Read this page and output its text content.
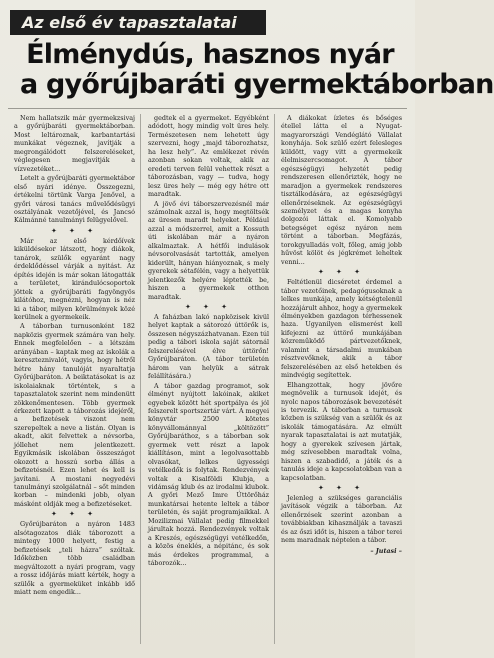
Az első év tapasztalatai
Élménydús, hasznos nyár
a győrújbaráti gyermektáborban

Nem hallatszik már gyermekzsivaj a győrújbaráti gyermektáborban. Most leltároznak, karbantartási munkákat végeznek, javítják a megrongálódott felszereléseket, véglegesen megjavítják a vízvezetéket...

Letelt a győrújbaráti gyermektábor első nyári idénye. Összegezni, értékelni törtünk Varga Jenővel, a győri városi tanács művelődésügyi osztályának vezetőjével, és Jancsó Kálmánné tanulmányi felügyelővel.

✦ ✦ ✦

Már az első kérdőívek kiküldésekor látszott, hogy diákok, tanárok, szülők egyaránt nagy érdeklődéssel várják a nyitást. Az építés idején is már sokan látogatták a területet, kirándulócsoportok jöttek a győrújbaráti fagyöngyös kilátóhoz, megnézni, hogyan is néz ki a tábor, milyen körülmények közé kerülnek a gyermekeik.

A táborban turnusonként 182 napközis gyermek számára van hely. Ennek megfelelően – a létszám arányában – kaptak meg az iskolák a kereszteznivalót, vagyis, hogy hétről hétre hány tanulóját nyaraltatja Győrújbaráton. A beiktatásokat is az iskolaiaknak történtek, s a tapasztalatok szerint nem mindenütt zökkenőmentesen. Több gyermek érkezett kapott a táborozás idejéről, a befizetések viszont nem szerepeltek a neve a listán. Olyan is akadt, akit felvettek a névsorba, jóllehet nem jelentkezett. Egyikmásik iskolában összeszágot okozott a hosszú sorba állás a befizetésnél. Ezen lehet és kell is javítani. A mostani negyedévi tanulmányi szolgálatnál – sőt minden korban – mindenki jobb, olyan másként oldják meg a befizetéseket.

✦ ✦ ✦

Győrújbaráton a nyáron 1483 alsótagozatos diák táborozott a mintegy 1000 helyett, festig a befizetések „teli házra” szóltak. Időközben több családban megváltozott a nyári program, vagy a rossz időjárás miatt kérték, hogy a szülők a gyermeküket inkább idő miatt nem engedik...

gedtek el a gyermeket. Egyébként adódott, hogy mindig volt üres hely. Természetesen nem lehetett úgy szervezni, hogy „majd táborozhatsz, ha lesz hely”. Az emlékezet révén azonban sokan voltak, akik az eredeti terven felül vehettek részt a táborozásban, vagy — tudva, hogy lesz üres hely — még egy hétre ott maradtak.

A jövő évi táborszervezésnél már számolnak azzal is, hogy megtöltsék az üresen maradt helyeket. Például azzal a módszerrel, amit a Kossuth úti iskolában már a nyáron alkalmaztak. A hétfői indulások névsorolvasását tartották, amelyen kiderült, hányan hiányoznak, s mely gyerekek sétafélén, vagy a helyettük jelentkezők helyére léptették be, hiszen a gyermekek otthon maradtak.

✦ ✦ ✦

A faházban lakó napközisek kivül helyet kaptak a sátorozó úttörők is, összesen négyszázhatvanan. Ezen túl pedig a tábori iskola saját sátornál felszerelésével élve úttörőn! Győrújbaráton. (A tábor területén három van helyük a sátrak felállítására.)

A tábor gazdag programot, sok élményt nyújtott lakóinak, akiket egyebek között hét sportpálya és jól felszerelt sportszertár várt. A megyei könyvtár 2500 kötetes könyvállománnyal „költözött” Győrújbaráthoz, s a táborban sok gyermek vett részt a lapok kiállításon, mint a legolvasottabb olvasókat, lelkes ügyességi vetélkedők is folytak. Rendezvények voltak a Kisalföldi Klubja, a vidámság klub és az irodalmi klubok. A győri Mező Imre Úttörőház munkatársai hetente leltek a tábor területén, és saját programjaikkal. A Mozilizmai Vállalat pedig filmekkel járultak hozzá. Rendezvények voltak a Kreszés, egészségügyi vetélkedőn, a közös éneklés, a népitánc, és sok más érdekes programmal, a táborozók...

A diákokat ízletes és bőséges étellel látta el a Nyugat-magyarországi Vendéglátó Vállalat konyhája. Sok szülő ezért felesleges küldött, vagy vitt a gyermekeik élelmiszercsomagot. A tábor egészségügyi helyzetét pedig rendszeresen ellenőrizték, hogy ne maradjon a gyermekek rendszeres tisztálkodására, az egészségügyi ellenőrzéseknek. Az egészségügyi személyzet és a magas konyha dolgozói láttak el. Komolyabb betegséget egész nyáron nem történt a táborban. Megfázás, torokgyulladás volt, főleg, amig jobb hűvöst kölöt és jégkrémet leheltek venni...

✦ ✦ ✦

Feltétlenül dicséretet érdemel a tábor vezetőinek, pedagógusoknak a lelkes munkája, amely kétségtelenül hozzájárult ahhoz, hogy a gyermekek élményekben gazdagon térhessenek haza. Ugyanilyen elismerést kell kifejezni az úttörő munkájában közreműködő pártvezetőknek, valamint a társadalmi munkában résztvevőknek, akik a tábor felszerelésében az első hetekben és mindvégig segítettek.

Elhangzottak, hogy jövőre megnövelik a turnusok idejét, és nyolc napos táborozások bevezetését is tervezik. A táborban a turnusok közben is szükség van a szülők és az iskolák támogatására. Az elmúlt nyarak tapasztalatai is azt mutatják, hogy a gyerekek szívesen jártak, még szívesebben maradtak volna, hiszen a szabadidő, a játék és a tanulás ideje a kapcsolatokban van a kapcsolatban.

✦ ✦ ✦

Jelenleg a szükséges garanciális javítások végzik a táborban. Az ellenőrzések szerint azonban a továbbiakban kihasználják a tavaszi és az őszi időt is, hiszen a tábor terei nem maradnak néptelen a tábor.

– Jutasi –
